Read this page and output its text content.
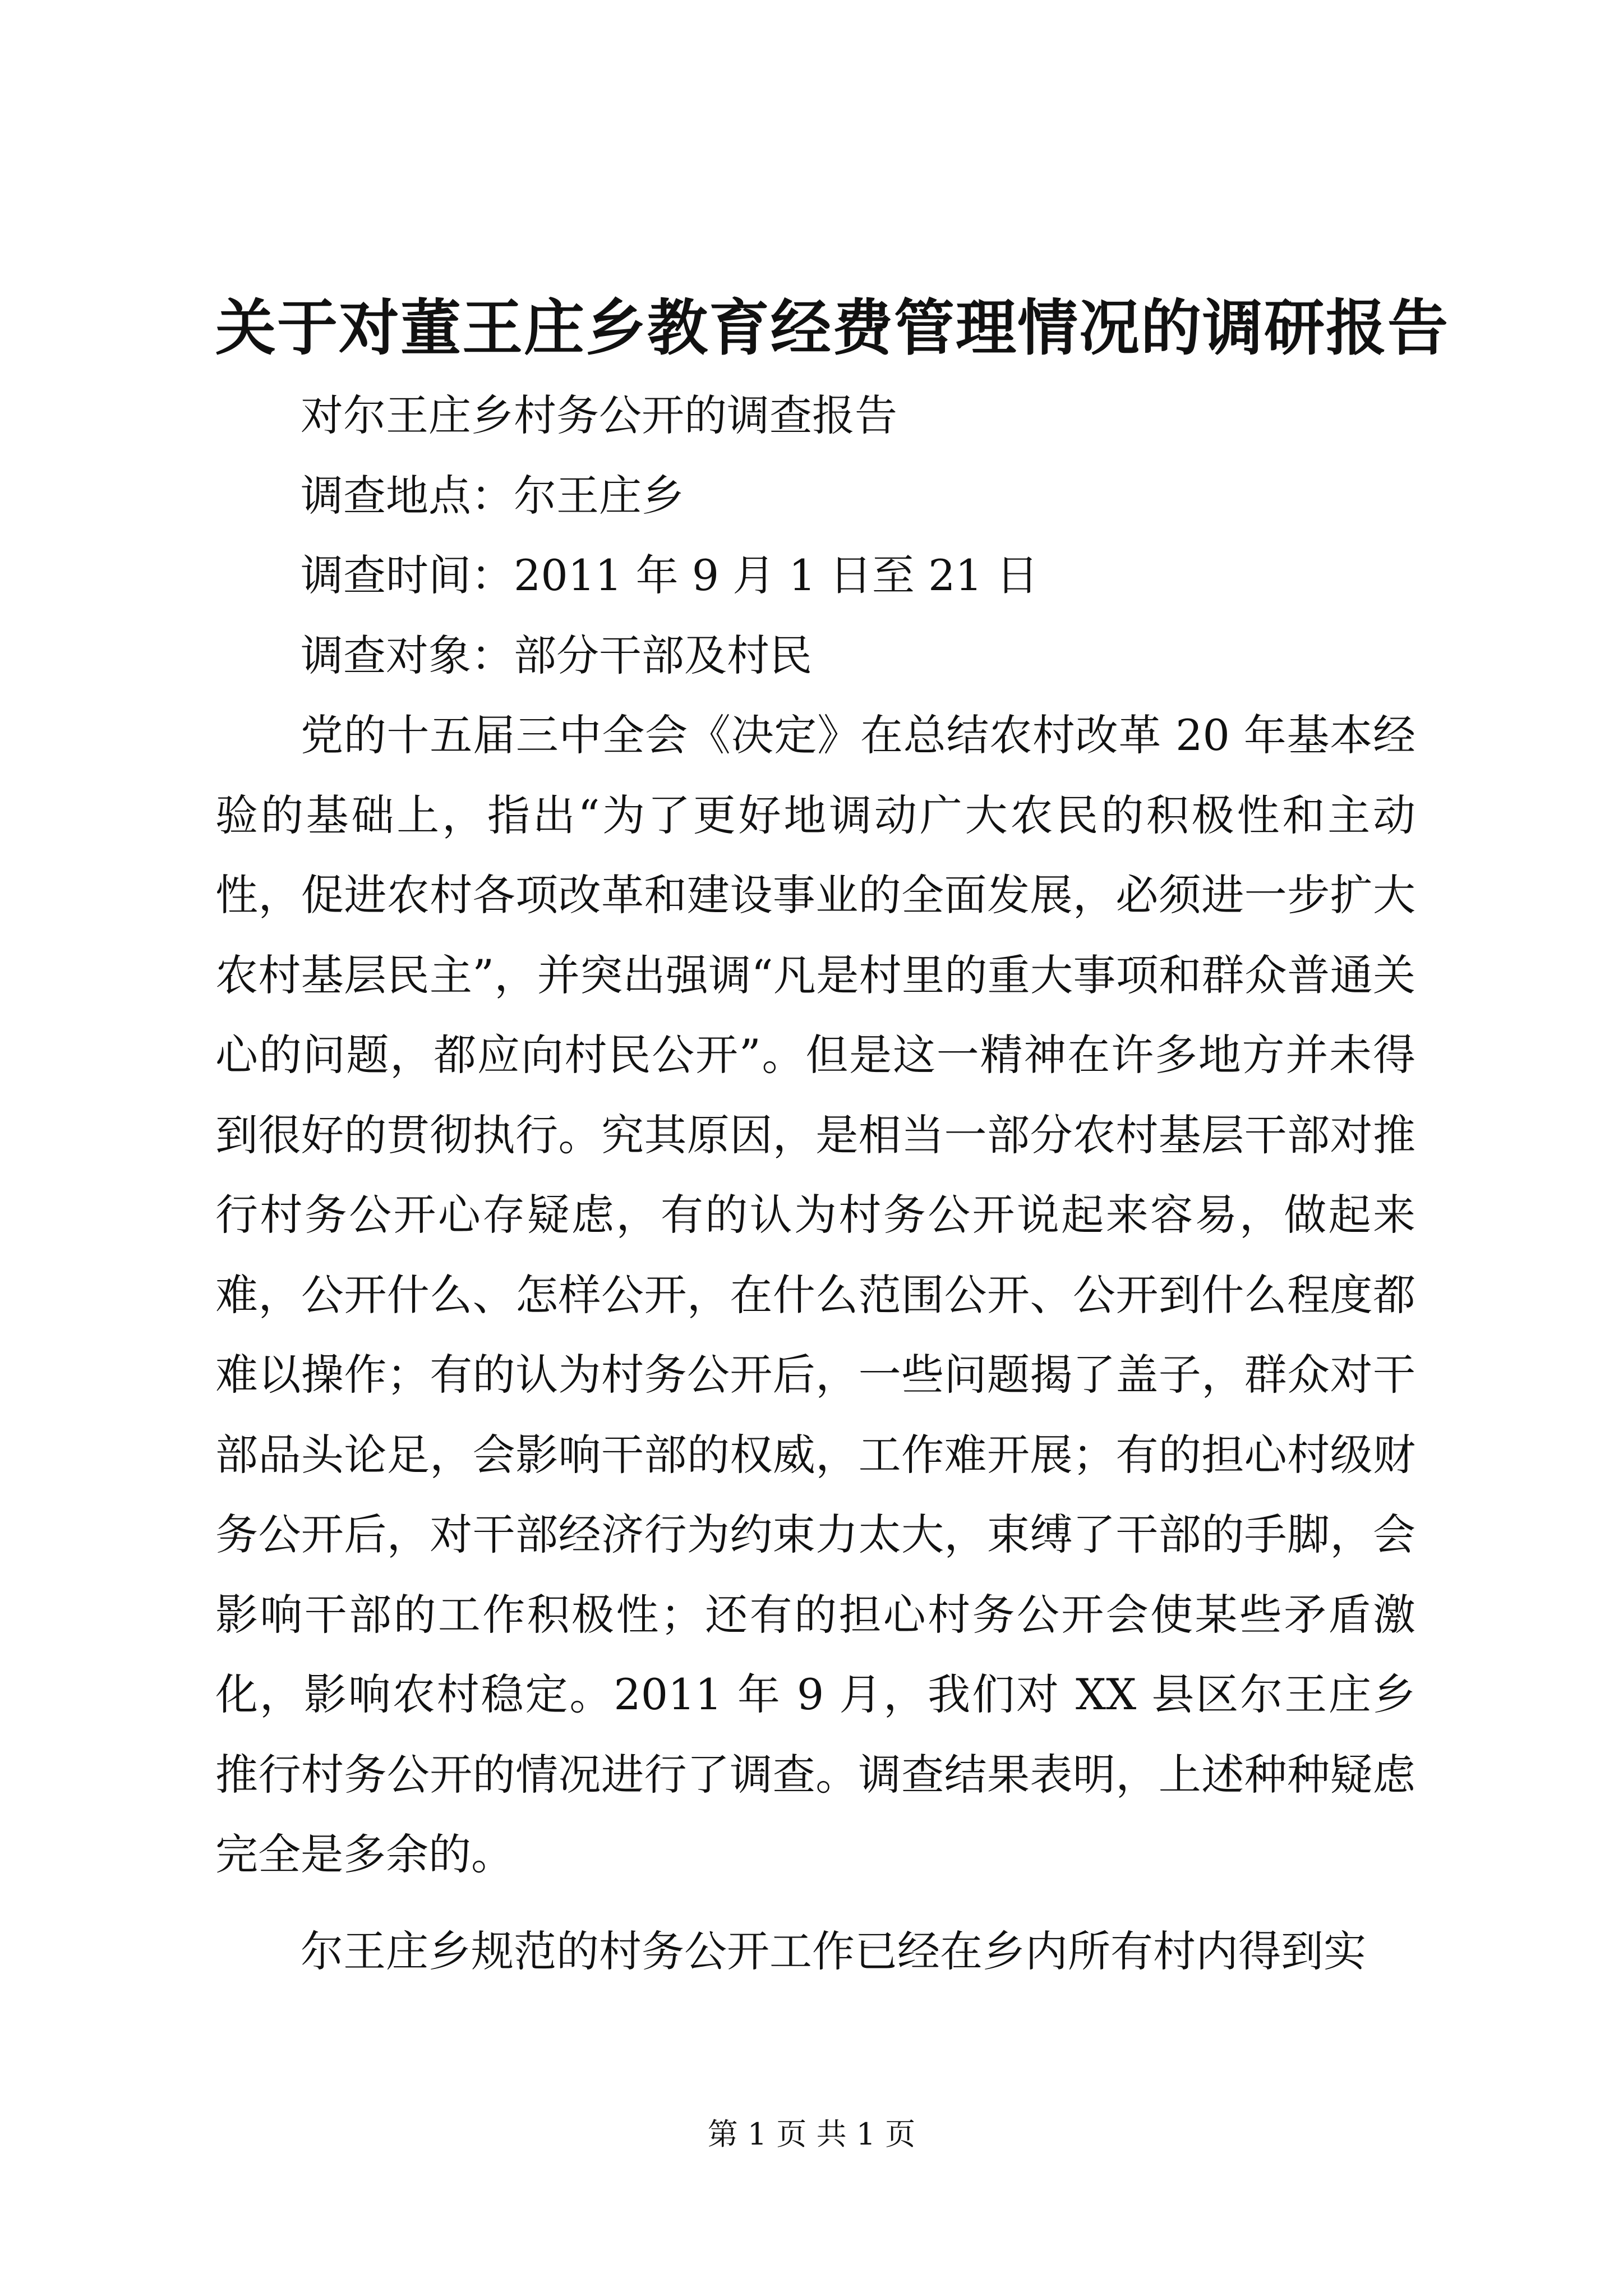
关于对董王庄乡教育经费管理情况的调研报告

对尔王庄乡村务公开的调查报告

调查地点：尔王庄乡

调查时间：2011 年 9 月 1 日至 21 日

调查对象：部分干部及村民

党的十五届三中全会《决定》在总结农村改革 20 年基本经验的基础上，指出“为了更好地调动广大农民的积极性和主动性，促进农村各项改革和建设事业的全面发展，必须进一步扩大农村基层民主”，并突出强调“凡是村里的重大事项和群众普通关心的问题，都应向村民公开”。但是这一精神在许多地方并未得到很好的贯彻执行。究其原因，是相当一部分农村基层干部对推行村务公开心存疑虑，有的认为村务公开说起来容易，做起来难，公开什么、怎样公开，在什么范围公开、公开到什么程度都难以操作；有的认为村务公开后，一些问题揭了盖子，群众对干部品头论足，会影响干部的权威，工作难开展；有的担心村级财务公开后，对干部经济行为约束力太大，束缚了干部的手脚，会影响干部的工作积极性；还有的担心村务公开会使某些矛盾激化，影响农村稳定。2011 年 9 月，我们对 XX 县区尔王庄乡推行村务公开的情况进行了调查。调查结果表明，上述种种疑虑完全是多余的。

尔王庄乡规范的村务公开工作已经在乡内所有村内得到实

第 1 页 共 1 页
